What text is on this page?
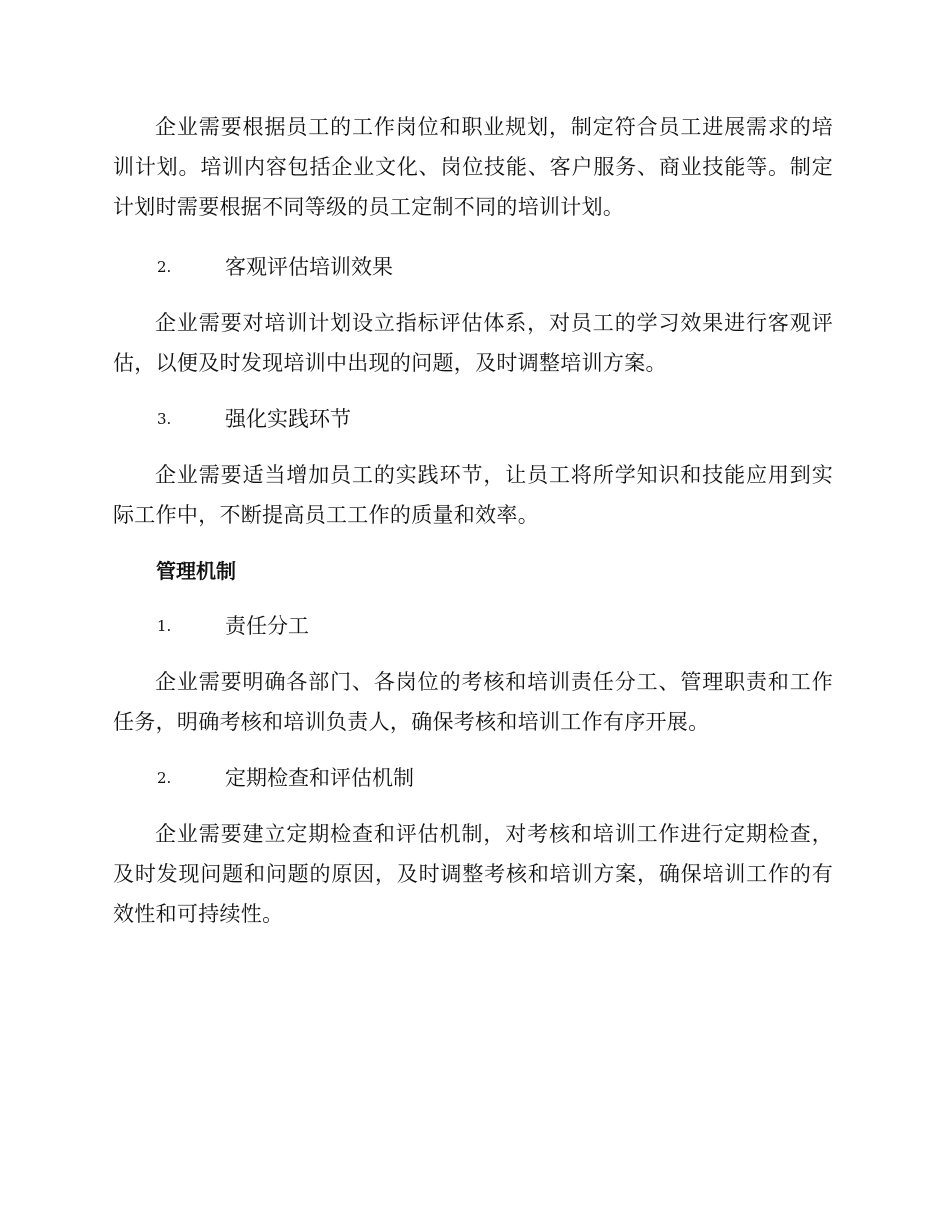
企业需要根据员工的工作岗位和职业规划，制定符合员工进展需求的培训计划。培训内容包括企业文化、岗位技能、客户服务、商业技能等。制定计划时需要根据不同等级的员工定制不同的培训计划。

2.	客观评估培训效果

企业需要对培训计划设立指标评估体系，对员工的学习效果进行客观评估，以便及时发现培训中出现的问题，及时调整培训方案。

3.	强化实践环节

企业需要适当增加员工的实践环节，让员工将所学知识和技能应用到实际工作中，不断提高员工工作的质量和效率。

管理机制
1.	责任分工

企业需要明确各部门、各岗位的考核和培训责任分工、管理职责和工作任务，明确考核和培训负责人，确保考核和培训工作有序开展。

2.	定期检查和评估机制

企业需要建立定期检查和评估机制，对考核和培训工作进行定期检查，及时发现问题和问题的原因，及时调整考核和培训方案，确保培训工作的有效性和可持续性。
